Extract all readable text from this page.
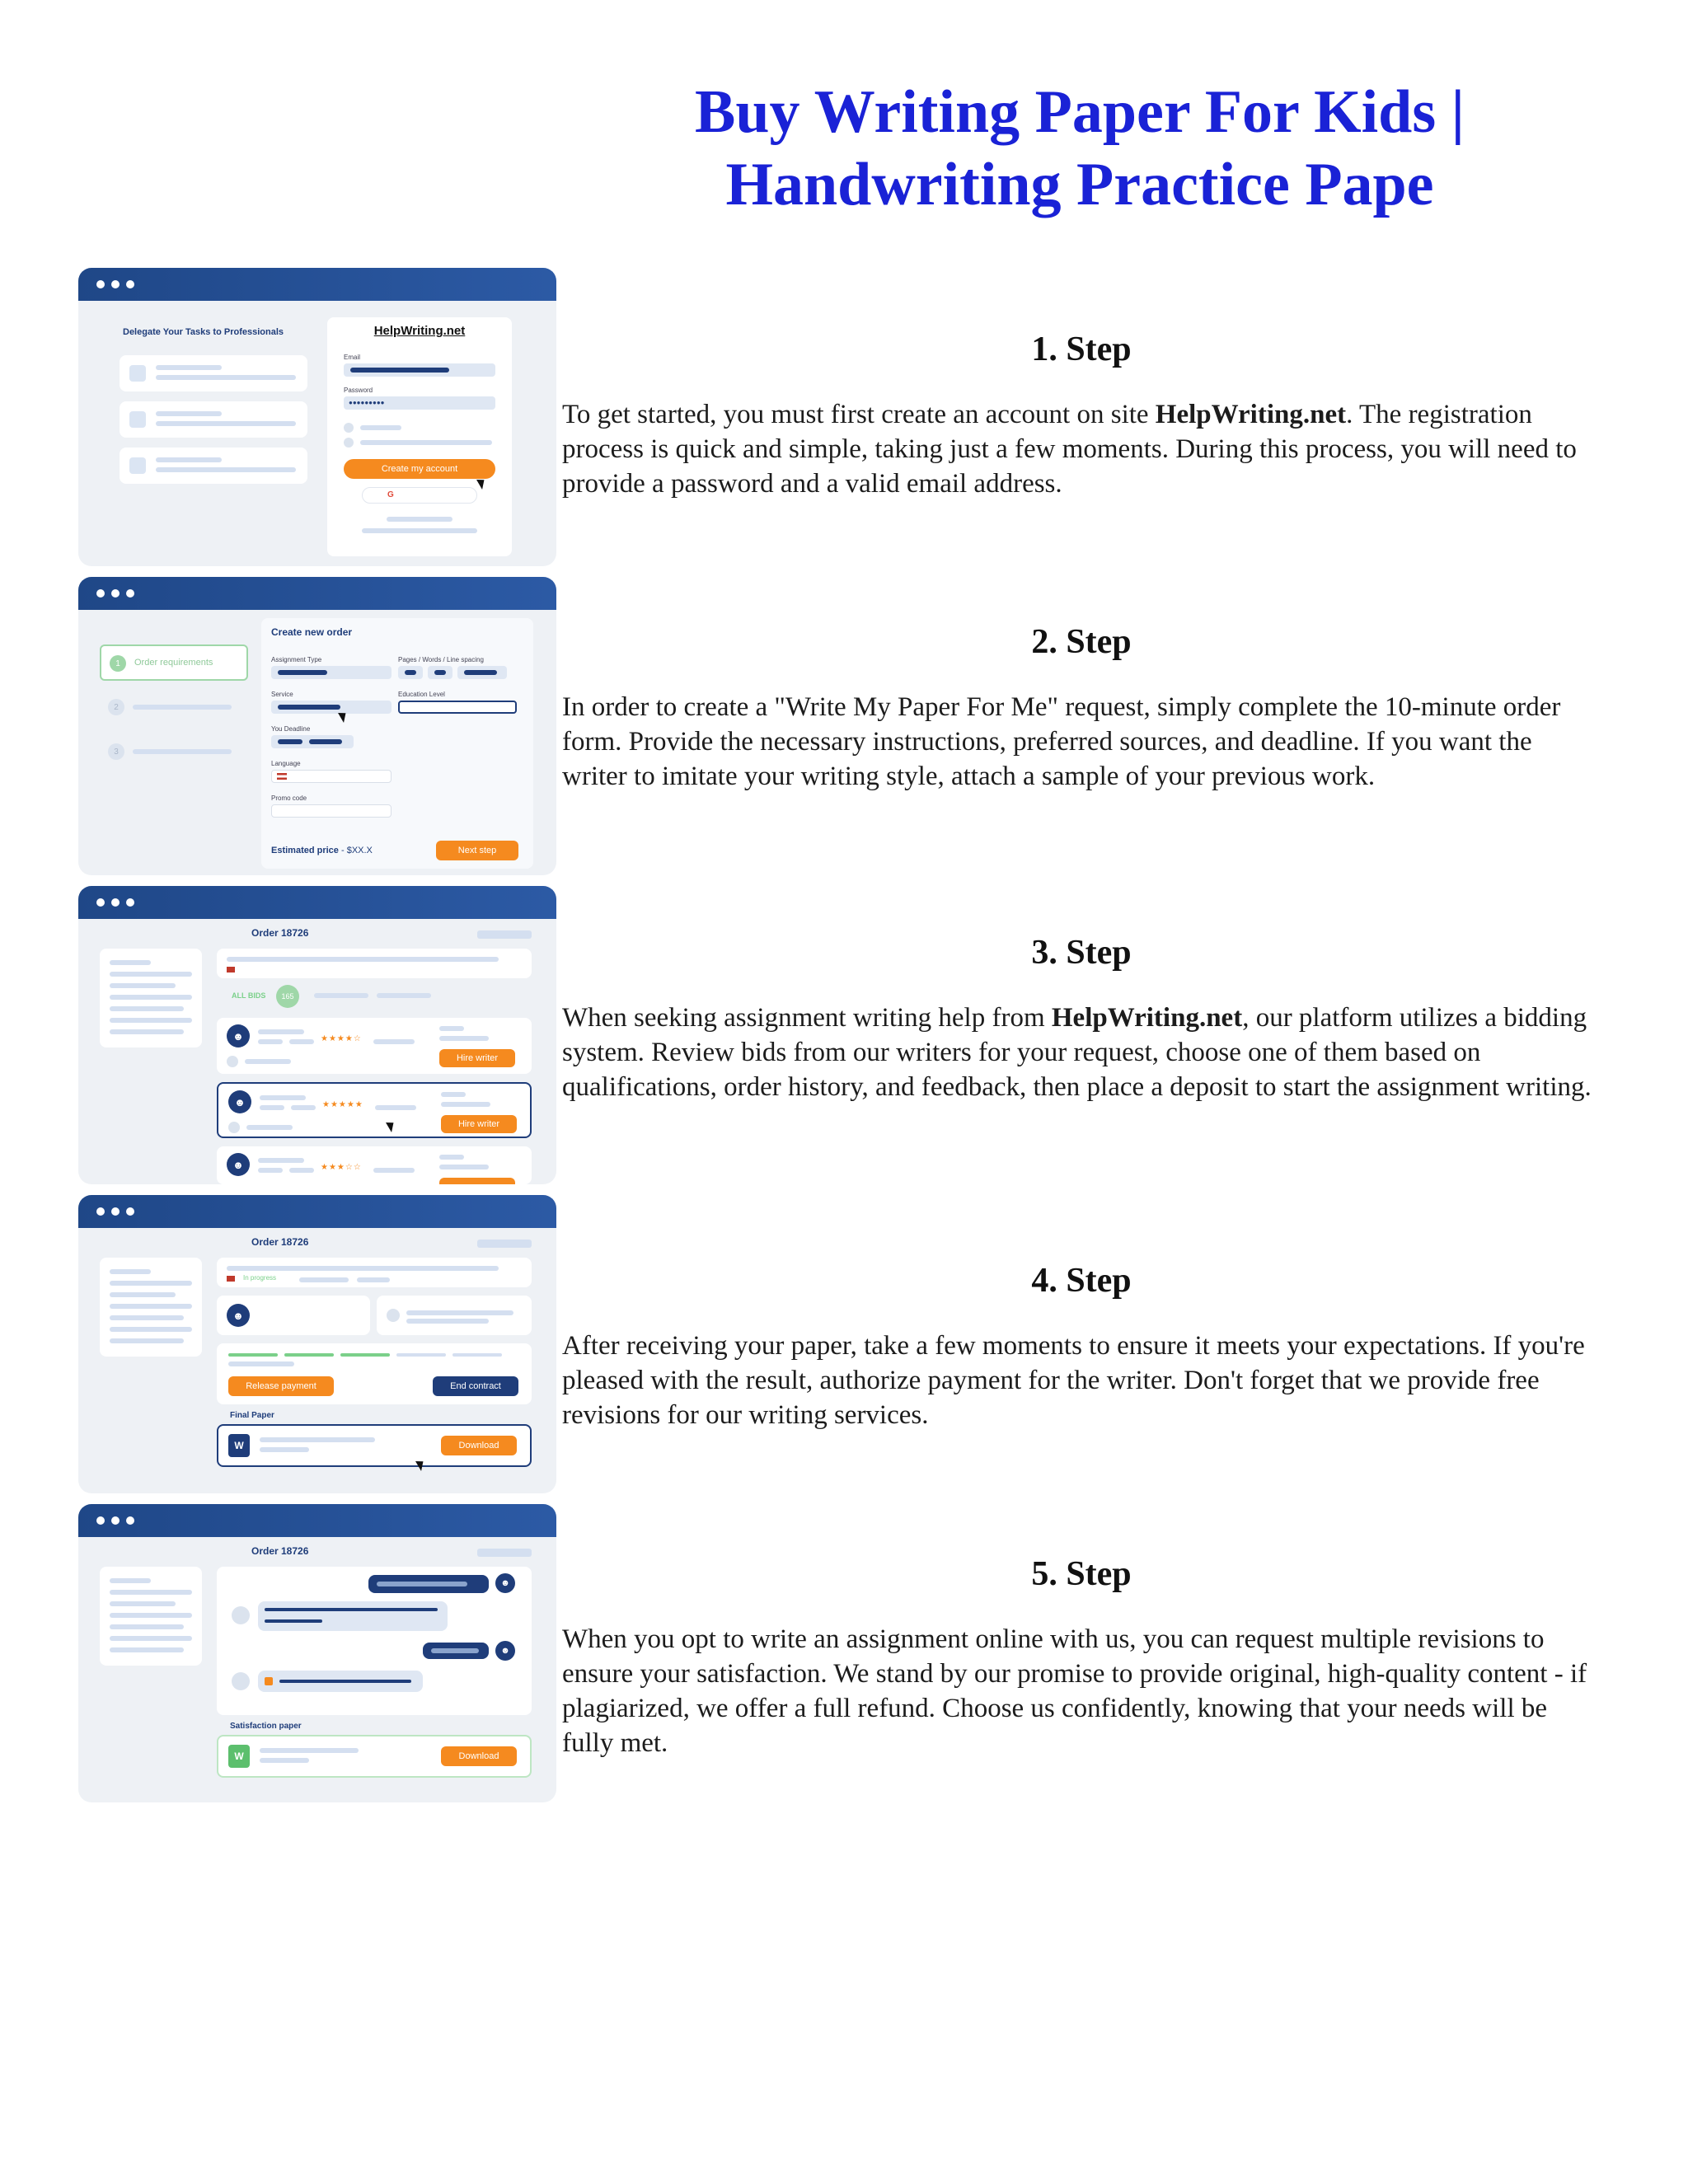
Buy Writing Paper For Kids | Handwriting Practice Pape
1. Step

To get started, you must first create an account on site HelpWriting.net. The registration process is quick and simple, taking just a few moments. During this process, you will need to provide a password and a valid email address.

2. Step

In order to create a "Write My Paper For Me" request, simply complete the 10-minute order form. Provide the necessary instructions, preferred sources, and deadline. If you want the writer to imitate your writing style, attach a sample of your previous work.

3. Step

When seeking assignment writing help from HelpWriting.net, our platform utilizes a bidding system. Review bids from our writers for your request, choose one of them based on qualifications, order history, and feedback, then place a deposit to start the assignment writing.

4. Step

After receiving your paper, take a few moments to ensure it meets your expectations. If you're pleased with the result, authorize payment for the writer. Don't forget that we provide free revisions for our writing services.

5. Step

When you opt to write an assignment online with us, you can request multiple revisions to ensure your satisfaction. We stand by our promise to provide original, high-quality content - if plagiarized, we offer a full refund. Choose us confidently, knowing that your needs will be fully met.

Delegate Your Tasks to Professionals	HelpWriting.net
Email
Password
●●●●●●●●●
Create my account
G
1	Order requirements
2
3
Create new order
Assignment Type	Pages / Words / Line spacing
Service	Education Level
You Deadline
Language
Promo code
Estimated price - $XX.X	Next step
Order 18726
ALL BIDS	165
☻	★★★★☆
Hire writer
☻	★★★★★
Hire writer
☻	★★★☆☆
Order 18726
In progress
☻
Release payment	End contract
Final Paper
W	Download
Order 18726
☻
☻
Satisfaction paper
W	Download
